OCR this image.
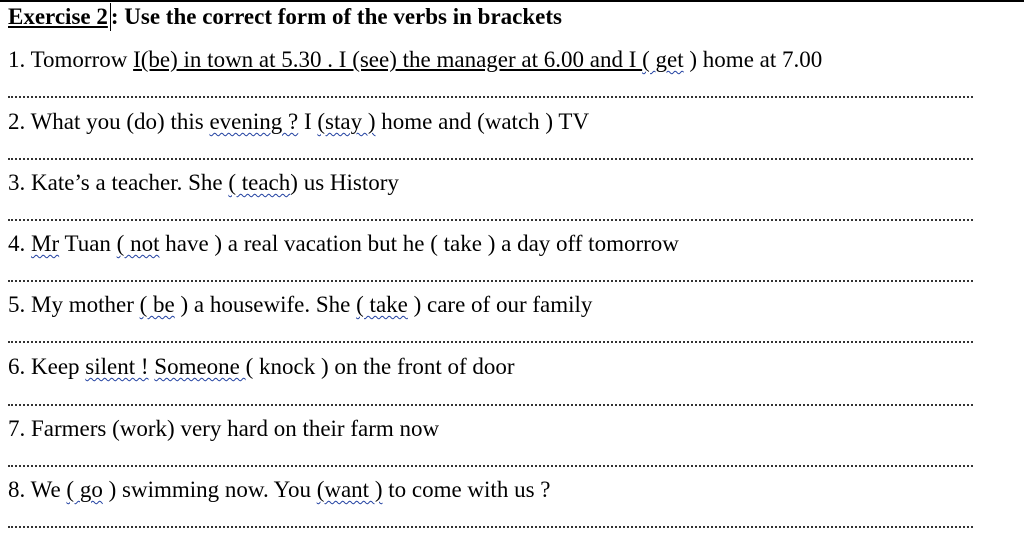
Exercise 2 : Use the correct form of the verbs in brackets
1. Tomorrow I(be) in town at 5.30 . I (see) the manager at 6.00 and I ( get ) home at 7.00
2. What you (do) this evening ? I (stay ) home and (watch ) TV
3. Kate’s a teacher. She ( teach) us History
4. Mr Tuan ( not have ) a real vacation but he ( take ) a day off tomorrow
5. My mother ( be ) a housewife. She ( take ) care of our family
6. Keep silent ! Someone ( knock ) on the front of door
7. Farmers (work) very hard on their farm now
8. We ( go ) swimming now. You (want ) to come with us ?
